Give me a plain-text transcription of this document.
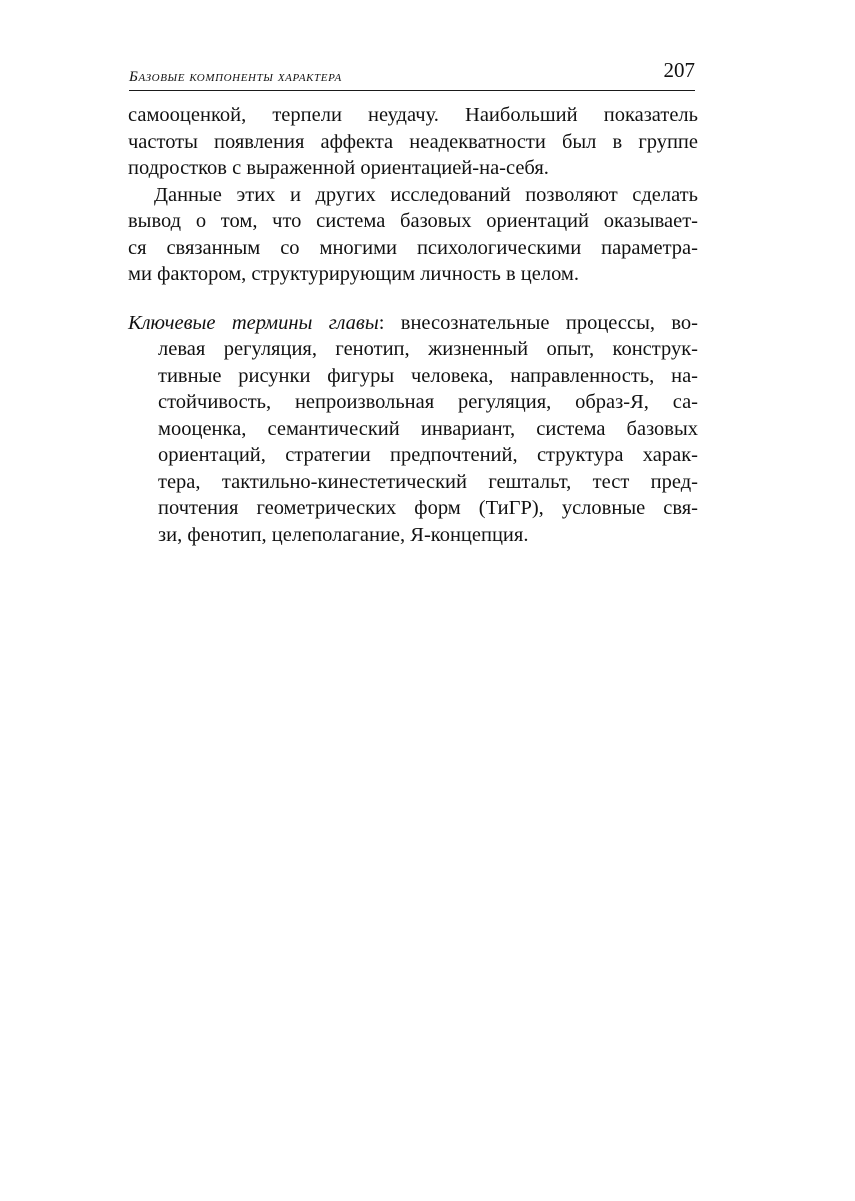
Базовые компоненты характера	207
самооценкой, терпели неудачу. Наибольший показатель
частоты появления аффекта неадекватности был в группе
подростков с выраженной ориентацией-на-себя.
Данные этих и других исследований позволяют сделать
вывод о том, что система базовых ориентаций оказывает-
ся связанным со многими психологическими параметра-
ми фактором, структурирующим личность в целом.
Ключевые термины главы: внесознательные процессы, во-
левая регуляция, генотип, жизненный опыт, конструк-
тивные рисунки фигуры человека, направленность, на-
стойчивость, непроизвольная регуляция, образ-Я, са-
мооценка, семантический инвариант, система базовых
ориентаций, стратегии предпочтений, структура харак-
тера, тактильно-кинестетический гештальт, тест пред-
почтения геометрических форм (ТиГР), условные свя-
зи, фенотип, целеполагание, Я-концепция.
